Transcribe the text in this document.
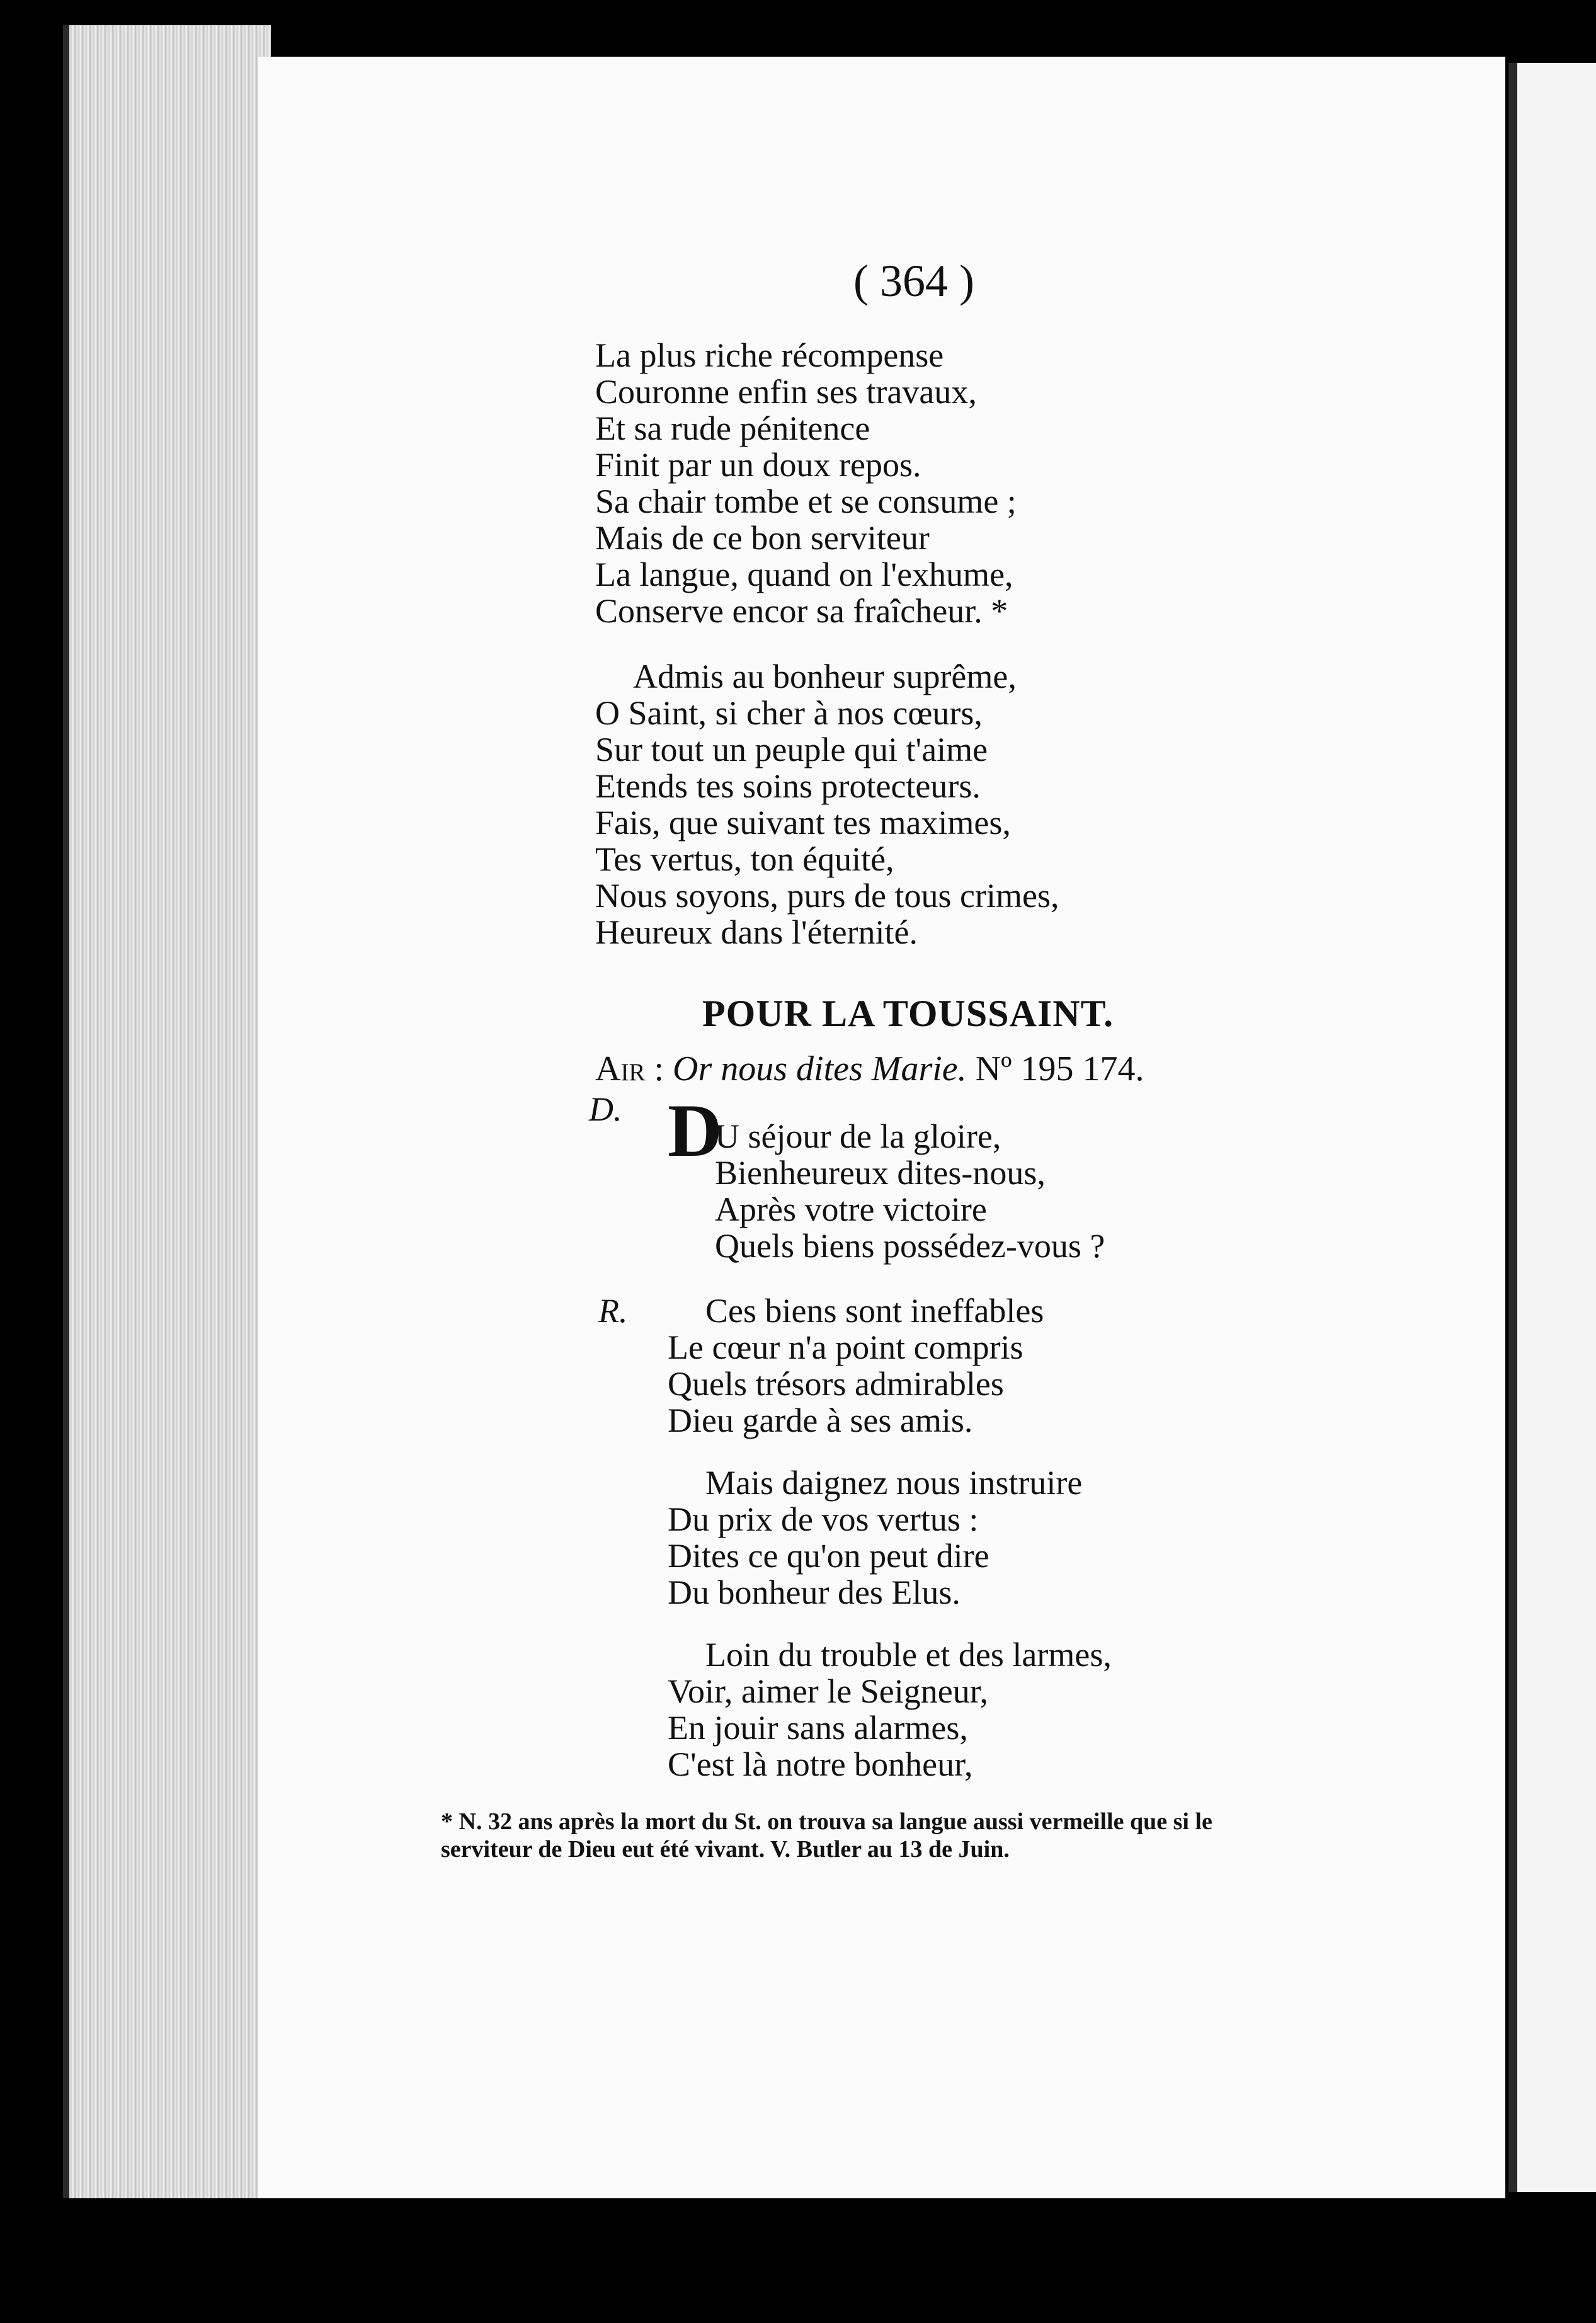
( 364 )
La plus riche récompense
Couronne enfin ses travaux,
Et sa rude pénitence
Finit par un doux repos.
Sa chair tombe et se consume ;
Mais de ce bon serviteur
La langue, quand on l'exhume,
Conserve encor sa fraîcheur. *
Admis au bonheur suprême,
O Saint, si cher à nos cœurs,
Sur tout un peuple qui t'aime
Etends tes soins protecteurs.
Fais, que suivant tes maximes,
Tes vertus, ton équité,
Nous soyons, purs de tous crimes,
Heureux dans l'éternité.
POUR LA TOUSSAINT.
Air : Or nous dites Marie. Nº 195 174.
D. D
U séjour de la gloire,
Bienheureux dites-nous,
Après votre victoire
Quels biens possédez-vous ?
R.	Ces biens sont ineffables
Le cœur n'a point compris
Quels trésors admirables
Dieu garde à ses amis.
Mais daignez nous instruire
Du prix de vos vertus :
Dites ce qu'on peut dire
Du bonheur des Elus.
Loin du trouble et des larmes,
Voir, aimer le Seigneur,
En jouir sans alarmes,
C'est là notre bonheur,
* N. 32 ans après la mort du St. on trouva sa langue aussi vermeille que si le
serviteur de Dieu eut été vivant. V. Butler au 13 de Juin.
